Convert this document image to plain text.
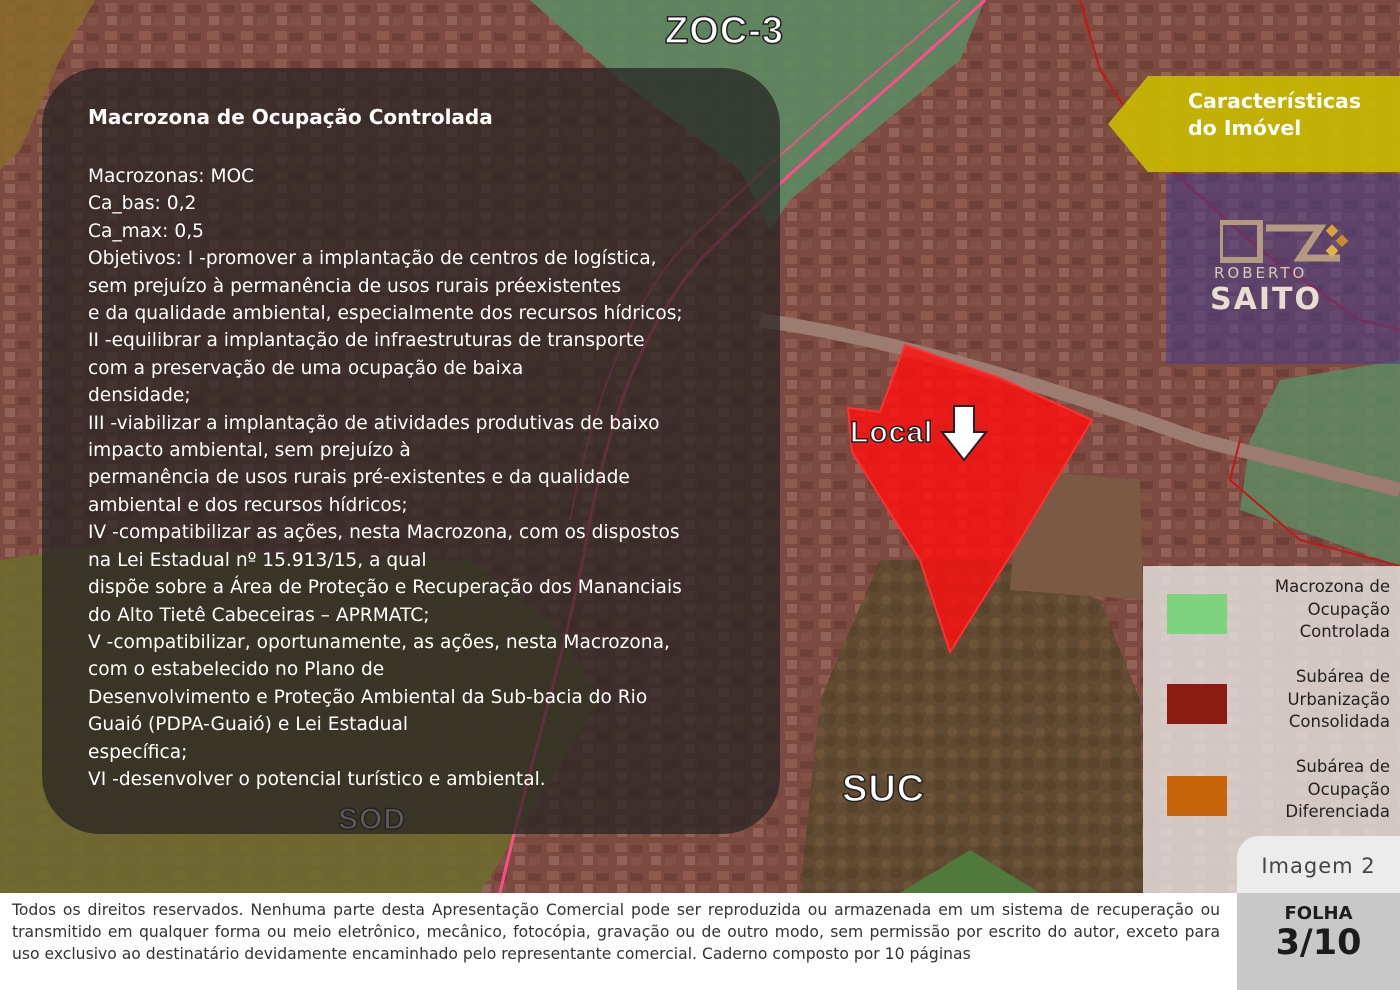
ZOC-3
SUC
Local
Macrozona de Ocupação Controlada

Macrozonas: MOC

Ca_bas: 0,2

Ca_max: 0,5

Objetivos: I -promover a implantação de centros de logística,

sem prejuízo à permanência de usos rurais préexistentes

e da qualidade ambiental, especialmente dos recursos hídricos;

II -equilibrar a implantação de infraestruturas de transporte

com a preservação de uma ocupação de baixa

densidade;

III -viabilizar a implantação de atividades produtivas de baixo

impacto ambiental, sem prejuízo à

permanência de usos rurais pré-existentes e da qualidade

ambiental e dos recursos hídricos;

IV -compatibilizar as ações, nesta Macrozona, com os dispostos

na Lei Estadual nº 15.913/15, a qual

dispõe sobre a Área de Proteção e Recuperação dos Mananciais

do Alto Tietê Cabeceiras – APRMATC;

V -compatibilizar, oportunamente, as ações, nesta Macrozona,

com o estabelecido no Plano de

Desenvolvimento e Proteção Ambiental da Sub-bacia do Rio

Guaió (PDPA-Guaió) e Lei Estadual

específica;

VI -desenvolver o potencial turístico e ambiental.

Características
do Imóvel
ROBERTO
SAITO
Macrozona de Ocupação Controlada
Subárea de Urbanização Consolidada
Subárea de Ocupação Diferenciada
Imagem 2
Todos os direitos reservados. Nenhuma parte desta Apresentação Comercial pode ser reproduzida ou armazenada em um sistema de recuperação ou transmitido em qualquer forma ou meio eletrônico, mecânico, fotocópia, gravação ou de outro modo, sem permissão por escrito do autor, exceto para uso exclusivo ao destinatário devidamente encaminhado pelo representante comercial. Caderno composto por 10 páginas
FOLHA
3/10
